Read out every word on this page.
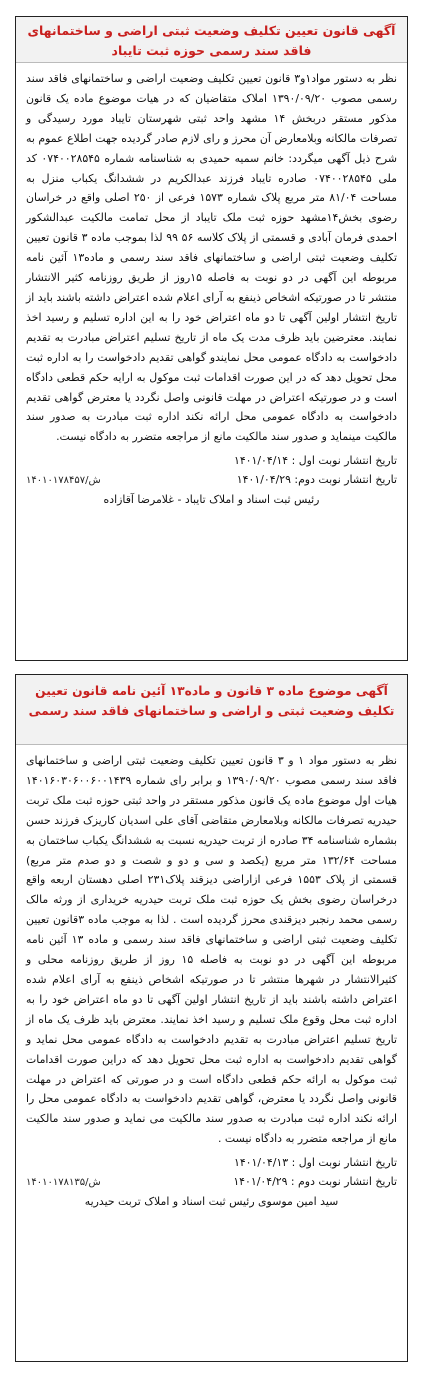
آگهی قانون تعیین تکلیف وضعیت ثبتی اراضی و ساختمانهای فاقد سند رسمی حوزه ثبت تایباد
نظر به دستور مواد۱و۳ قانون تعیین تکلیف وضعیت اراضی و ساختمانهای فاقد سند رسمی مصوب ۱۳۹۰/۰۹/۲۰ املاک متقاضیان که در هیات موضوع ماده یک قانون مذکور مستقر دربخش ۱۴ مشهد واحد ثبتی شهرستان تایباد مورد رسیدگی و تصرفات مالکانه وبلامعارض آن محرز و رای لازم صادر گردیده جهت اطلاع عموم به شرح ذیل آگهی میگردد: خانم سمیه حمیدی به شناسنامه شماره ۰۷۴۰۰۲۸۵۴۵ کد ملی ۰۷۴۰۰۲۸۵۴۵ صادره تایباد فرزند عبدالکریم در ششدانگ یکباب منزل به مساحت ۸۱/۰۴ متر مربع پلاک شماره ۱۵۷۳ فرعی از ۲۵۰ اصلی واقع در خراسان رضوی بخش۱۴مشهد حوزه ثبت ملک تایباد از محل تمامت مالکیت عبدالشکور احمدی فرمان آبادی و قسمتی از پلاک کلاسه ۵۶ ۹۹ لذا بموجب ماده ۳ قانون تعیین تکلیف وضعیت ثبتی اراضی و ساختمانهای فاقد سند رسمی و ماده۱۳ آئین نامه مربوطه این آگهی در دو نوبت به فاصله ۱۵روز از طریق روزنامه کثیر الانتشار منتشر تا در صورتیکه اشخاص ذینفع به آرای اعلام شده اعتراض داشته باشند باید از تاریخ انتشار اولین آگهی تا دو ماه اعتراض خود را به این اداره تسلیم و رسید اخذ نمایند. معترضین باید ظرف مدت یک ماه از تاریخ تسلیم اعتراض مبادرت به تقدیم دادخواست به دادگاه عمومی محل نمایندو گواهی تقدیم دادخواست را به اداره ثبت محل تحویل دهد که در این صورت اقدامات ثبت موکول به ارایه حکم قطعی دادگاه است و در صورتیکه اعتراض در مهلت قانونی واصل نگردد یا معترض گواهی تقدیم دادخواست به دادگاه عمومی محل ارائه نکند اداره ثبت مبادرت به صدور سند مالکیت مینماید و صدور سند مالکیت مانع از مراجعه متضرر به دادگاه نیست.
تاریخ انتشار نوبت اول : ۱۴۰۱/۰۴/۱۴
تاریخ انتشار نوبت دوم: ۱۴۰۱/۰۴/۲۹
۱۴۰۱۰۱۷۸۴۵۷/ش
رئیس ثبت اسناد و املاک تایباد - غلامرضا آقازاده
آگهی موضوع ماده ۳ قانون و ماده۱۳ آئین نامه قانون تعیین تکلیف وضعیت ثبتی و اراضی و ساختمانهای فاقد سند رسمی
نظر به دستور مواد ۱ و ۳ قانون تعیین تکلیف وضعیت ثبتی اراضی و ساختمانهای فاقد سند رسمی مصوب ۱۳۹۰/۰۹/۲۰ و برابر رای شماره ۱۴۰۱۶۰۳۰۶۰۰۶۰۰۱۴۳۹ هیات اول موضوع ماده یک قانون مذکور مستقر در واحد ثبتی حوزه ثبت ملک تربت حیدریه تصرفات مالکانه وبلامعارض متقاضی آقای علی اسدیان کاریزک فرزند حسن بشماره شناسنامه ۳۴ صادره از تربت حیدریه نسبت به ششدانگ یکباب ساختمان به مساحت ۱۳۲/۶۴ متر مربع (یکصد و سی و دو و شصت و دو صدم متر مربع) قسمتی از پلاک ۱۵۵۳ فرعی ازاراضی دیزقند پلاک۲۳۱ اصلی دهستان اربعه واقع درخراسان رضوی بخش یک حوزه ثبت ملک تربت حیدریه خریداری از ورثه مالک رسمی محمد رنجبر دیزقندی محرز گردیده است . لذا به موجب ماده ۳قانون تعیین تکلیف وضعیت ثبتی اراضی و ساختمانهای فاقد سند رسمی و ماده ۱۳ آئین نامه مربوطه این آگهی در دو نوبت به فاصله ۱۵ روز از طریق روزنامه محلی و کثیرالانتشار در شهرها منتشر تا در صورتیکه اشخاص ذینفع به آرای اعلام شده اعتراض داشته باشند باید از تاریخ انتشار اولین آگهی تا دو ماه اعتراض خود را به اداره ثبت محل وقوع ملک تسلیم و رسید اخذ نمایند. معترض باید ظرف یک ماه از تاریخ تسلیم اعتراض مبادرت به تقدیم دادخواست به دادگاه عمومی محل نماید و گواهی تقدیم دادخواست به اداره ثبت محل تحویل دهد که دراین صورت اقدامات ثبت موکول به ارائه حکم قطعی دادگاه است و در صورتی که اعتراض در مهلت قانونی واصل نگردد یا معترض، گواهی تقدیم دادخواست به دادگاه عمومی محل را ارائه نکند اداره ثبت مبادرت به صدور سند مالکیت می نماید و صدور سند مالکیت مانع از مراجعه متضرر به دادگاه نیست .
تاریخ انتشار نوبت اول : ۱۴۰۱/۰۴/۱۳
تاریخ انتشار نوبت دوم : ۱۴۰۱/۰۴/۲۹
۱۴۰۱۰۱۷۸۱۳۵/ش
سید امین موسوی رئیس ثبت اسناد و املاک تربت حیدریه
